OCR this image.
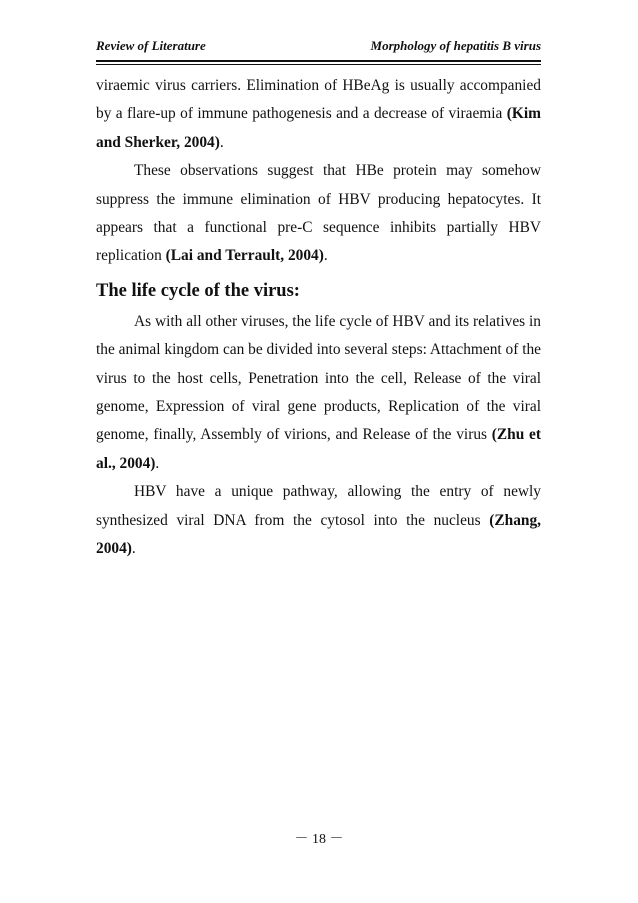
Review of Literature	Morphology of hepatitis B virus

viraemic virus carriers. Elimination of HBeAg is usually accompanied by a flare-up of immune pathogenesis and a decrease of viraemia (Kim and Sherker, 2004).

These observations suggest that HBe protein may somehow suppress the immune elimination of HBV producing hepatocytes. It appears that a functional pre-C sequence inhibits partially HBV replication (Lai and Terrault, 2004).

The life cycle of the virus:

As with all other viruses, the life cycle of HBV and its relatives in the animal kingdom can be divided into several steps: Attachment of the virus to the host cells, Penetration into the cell, Release of the viral genome, Expression of viral gene products, Replication of the viral genome, finally, Assembly of virions, and Release of the virus (Zhu et al., 2004).

HBV have a unique pathway, allowing the entry of newly synthesized viral DNA from the cytosol into the nucleus (Zhang, 2004).

－ 18 －
